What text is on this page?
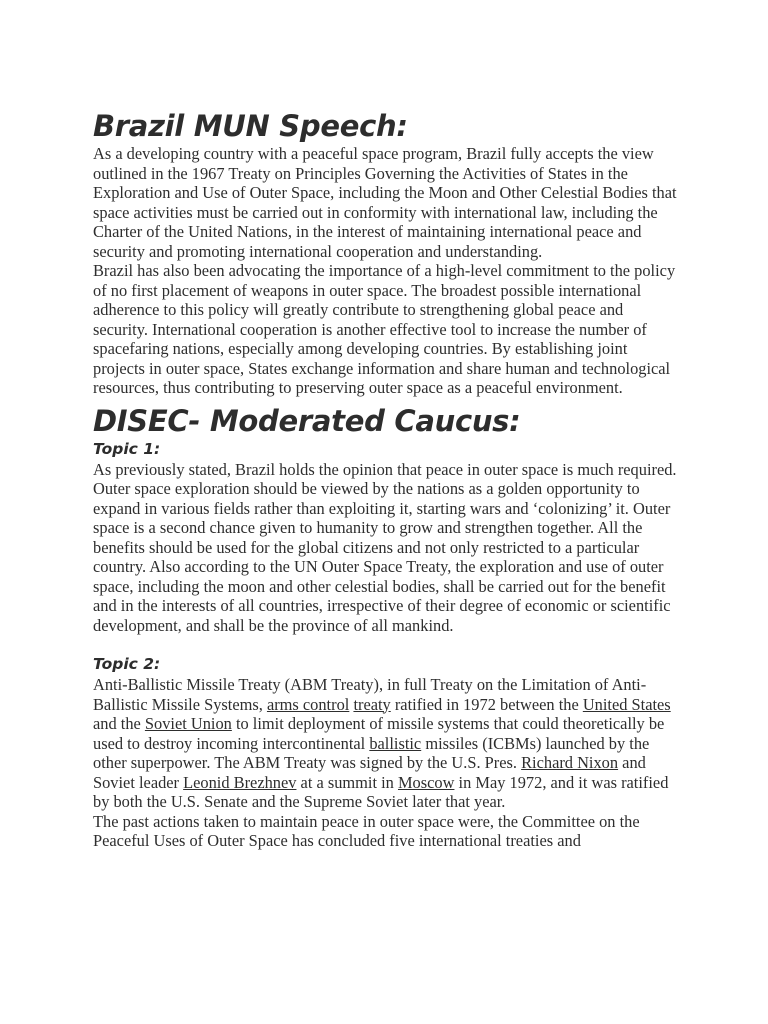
Brazil MUN Speech:

As a developing country with a peaceful space program, Brazil fully accepts the view outlined in the 1967 Treaty on Principles Governing the Activities of States in the Exploration and Use of Outer Space, including the Moon and Other Celestial Bodies that space activities must be carried out in conformity with international law, including the Charter of the United Nations, in the interest of maintaining international peace and security and promoting international cooperation and understanding.

Brazil has also been advocating the importance of a high-level commitment to the policy of no first placement of weapons in outer space. The broadest possible international adherence to this policy will greatly contribute to strengthening global peace and security. International cooperation is another effective tool to increase the number of spacefaring nations, especially among developing countries. By establishing joint projects in outer space, States exchange information and share human and technological resources, thus contributing to preserving outer space as a peaceful environment.

DISEC- Moderated Caucus:
Topic 1:

As previously stated, Brazil holds the opinion that peace in outer space is much required. Outer space exploration should be viewed by the nations as a golden opportunity to expand in various fields rather than exploiting it, starting wars and ‘colonizing’ it. Outer space is a second chance given to humanity to grow and strengthen together. All the benefits should be used for the global citizens and not only restricted to a particular country. Also according to the UN Outer Space Treaty, the exploration and use of outer space, including the moon and other celestial bodies, shall be carried out for the benefit and in the interests of all countries, irrespective of their degree of economic or scientific development, and shall be the province of all mankind.

Topic 2:

Anti-Ballistic Missile Treaty (ABM Treaty), in full Treaty on the Limitation of Anti-Ballistic Missile Systems, arms control treaty ratified in 1972 between the United States and the Soviet Union to limit deployment of missile systems that could theoretically be used to destroy incoming intercontinental ballistic missiles (ICBMs) launched by the other superpower. The ABM Treaty was signed by the U.S. Pres. Richard Nixon and Soviet leader Leonid Brezhnev at a summit in Moscow in May 1972, and it was ratified by both the U.S. Senate and the Supreme Soviet later that year.

The past actions taken to maintain peace in outer space were, the Committee on the Peaceful Uses of Outer Space has concluded five international treaties and
